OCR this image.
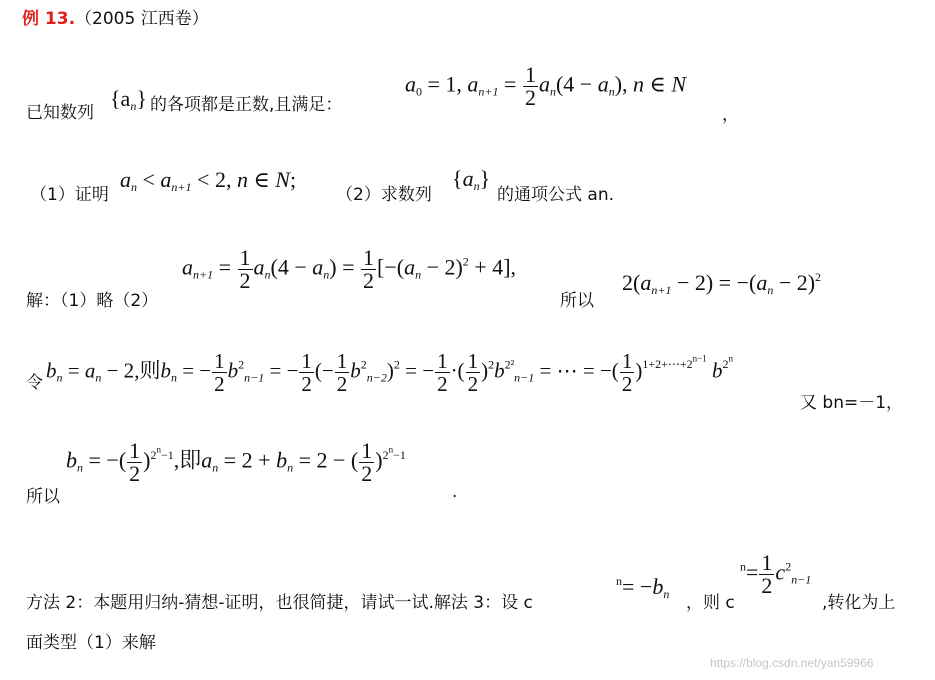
例 13.（2005 江西卷）
已知数列
$\{a_n\}$ 的各项都是正数,且满足：
$a_0 = 1$, $a_{n+1} = \frac{1}{2} a_n(4 - a_n)$, n ∈ N
，
（1）证明
$a_n < a_{n+1} < 2$, n ∈ N;
（2）求数列
$\{a_n\}$
的通项公式 an.
解：（1）略（2）
$a_{n+1} = \frac{1}{2} a_n(4 - a_n) = \frac{1}{2} [-(a_n - 2)^2 + 4]$,
所以
$2(a_{n+1} - 2) = -(a_n - 2)^2$
令
$b_n = a_n - 2$,则$b_n$ = − $\frac{1}{2} b^2_{n-1}$ = − $\frac{1}{2}$ (− $\frac{1}{2} b^2_{n-2})^2$ = − $\frac{1}{2}$ ·( $\frac{1}{2} )^2b^{2^2}_{n-1}$ = ⋯ = −( $\frac{1}{2} )^{1+2+\cdots+2^{n-1}}$ $b^{2^n}$
又 bn=－1，
$b_n$ = −( $\frac{1}{2} )^{2^n-1}$,即$a_n = 2 + b_n = 2$ − ( $\frac{1}{2} )^{2^n-1}$
所以	.
方法 2：本题用归纳-猜想-证明，也很简捷，请试一试.解法 3：设 c
$^n= -b_n$ ，则 c
$^n= \frac{1}{2} c^2_{n-1}$
,转化为上
面类型（1）来解
https://blog.csdn.net/yan59966
